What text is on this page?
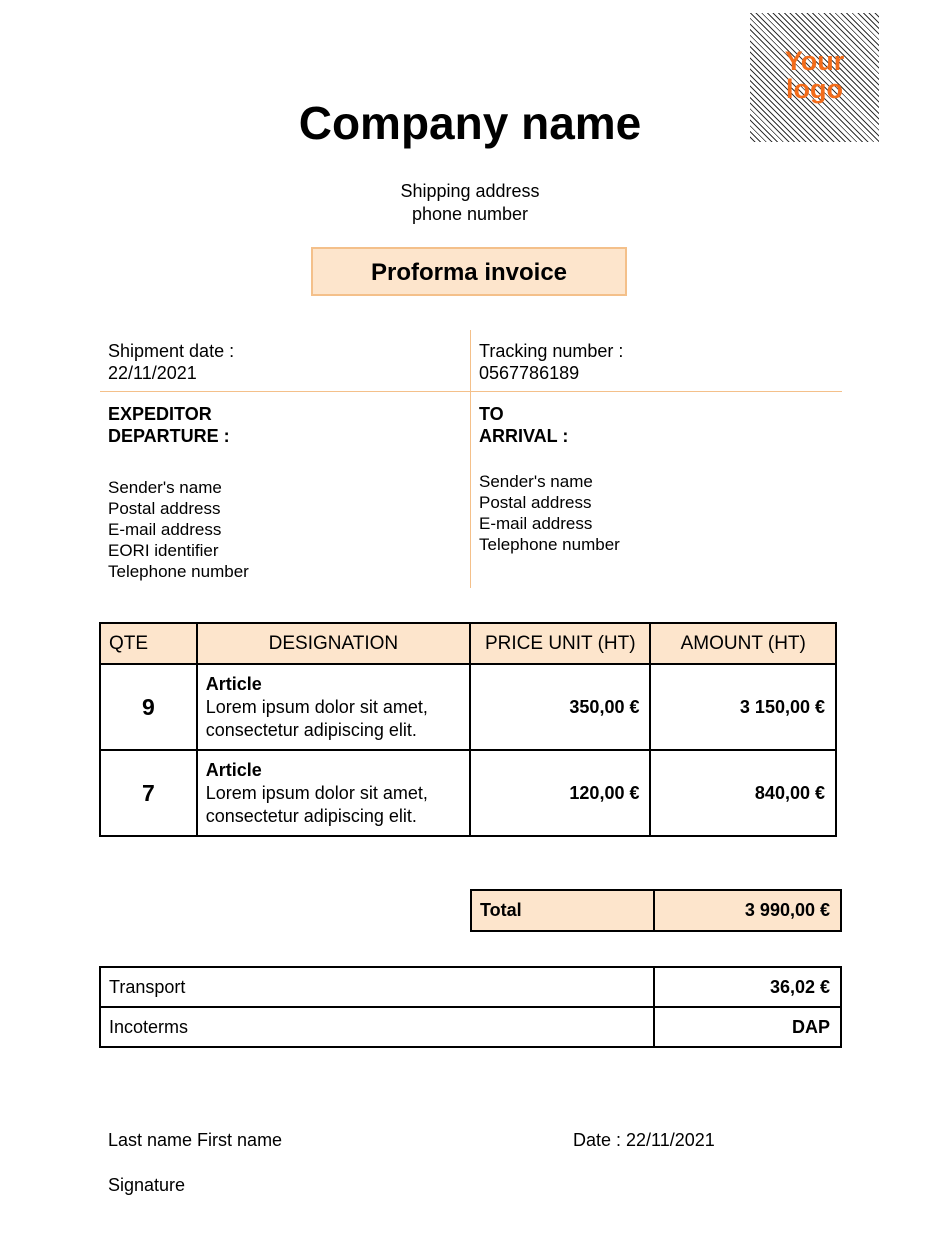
Your
logo
Company name
Shipping address
phone number
Proforma invoice
Shipment date :
22/11/2021
Tracking number :
0567786189
EXPEDITOR
DEPARTURE :
Sender's name
Postal address
E-mail address
EORI identifier
Telephone number
TO
ARRIVAL :
Sender's name
Postal address
E-mail address
Telephone number
QTE	DESIGNATION	PRICE UNIT (HT)	AMOUNT (HT)
9	Article
Lorem ipsum dolor sit amet,
consectetur adipiscing elit.	350,00 €	3 150,00 €
7	Article
Lorem ipsum dolor sit amet,
consectetur adipiscing elit.	120,00 €	840,00 €
Total	3 990,00 €
Transport	36,02 €
Incoterms	DAP
Last name First name	Date : 22/11/2021
Signature
